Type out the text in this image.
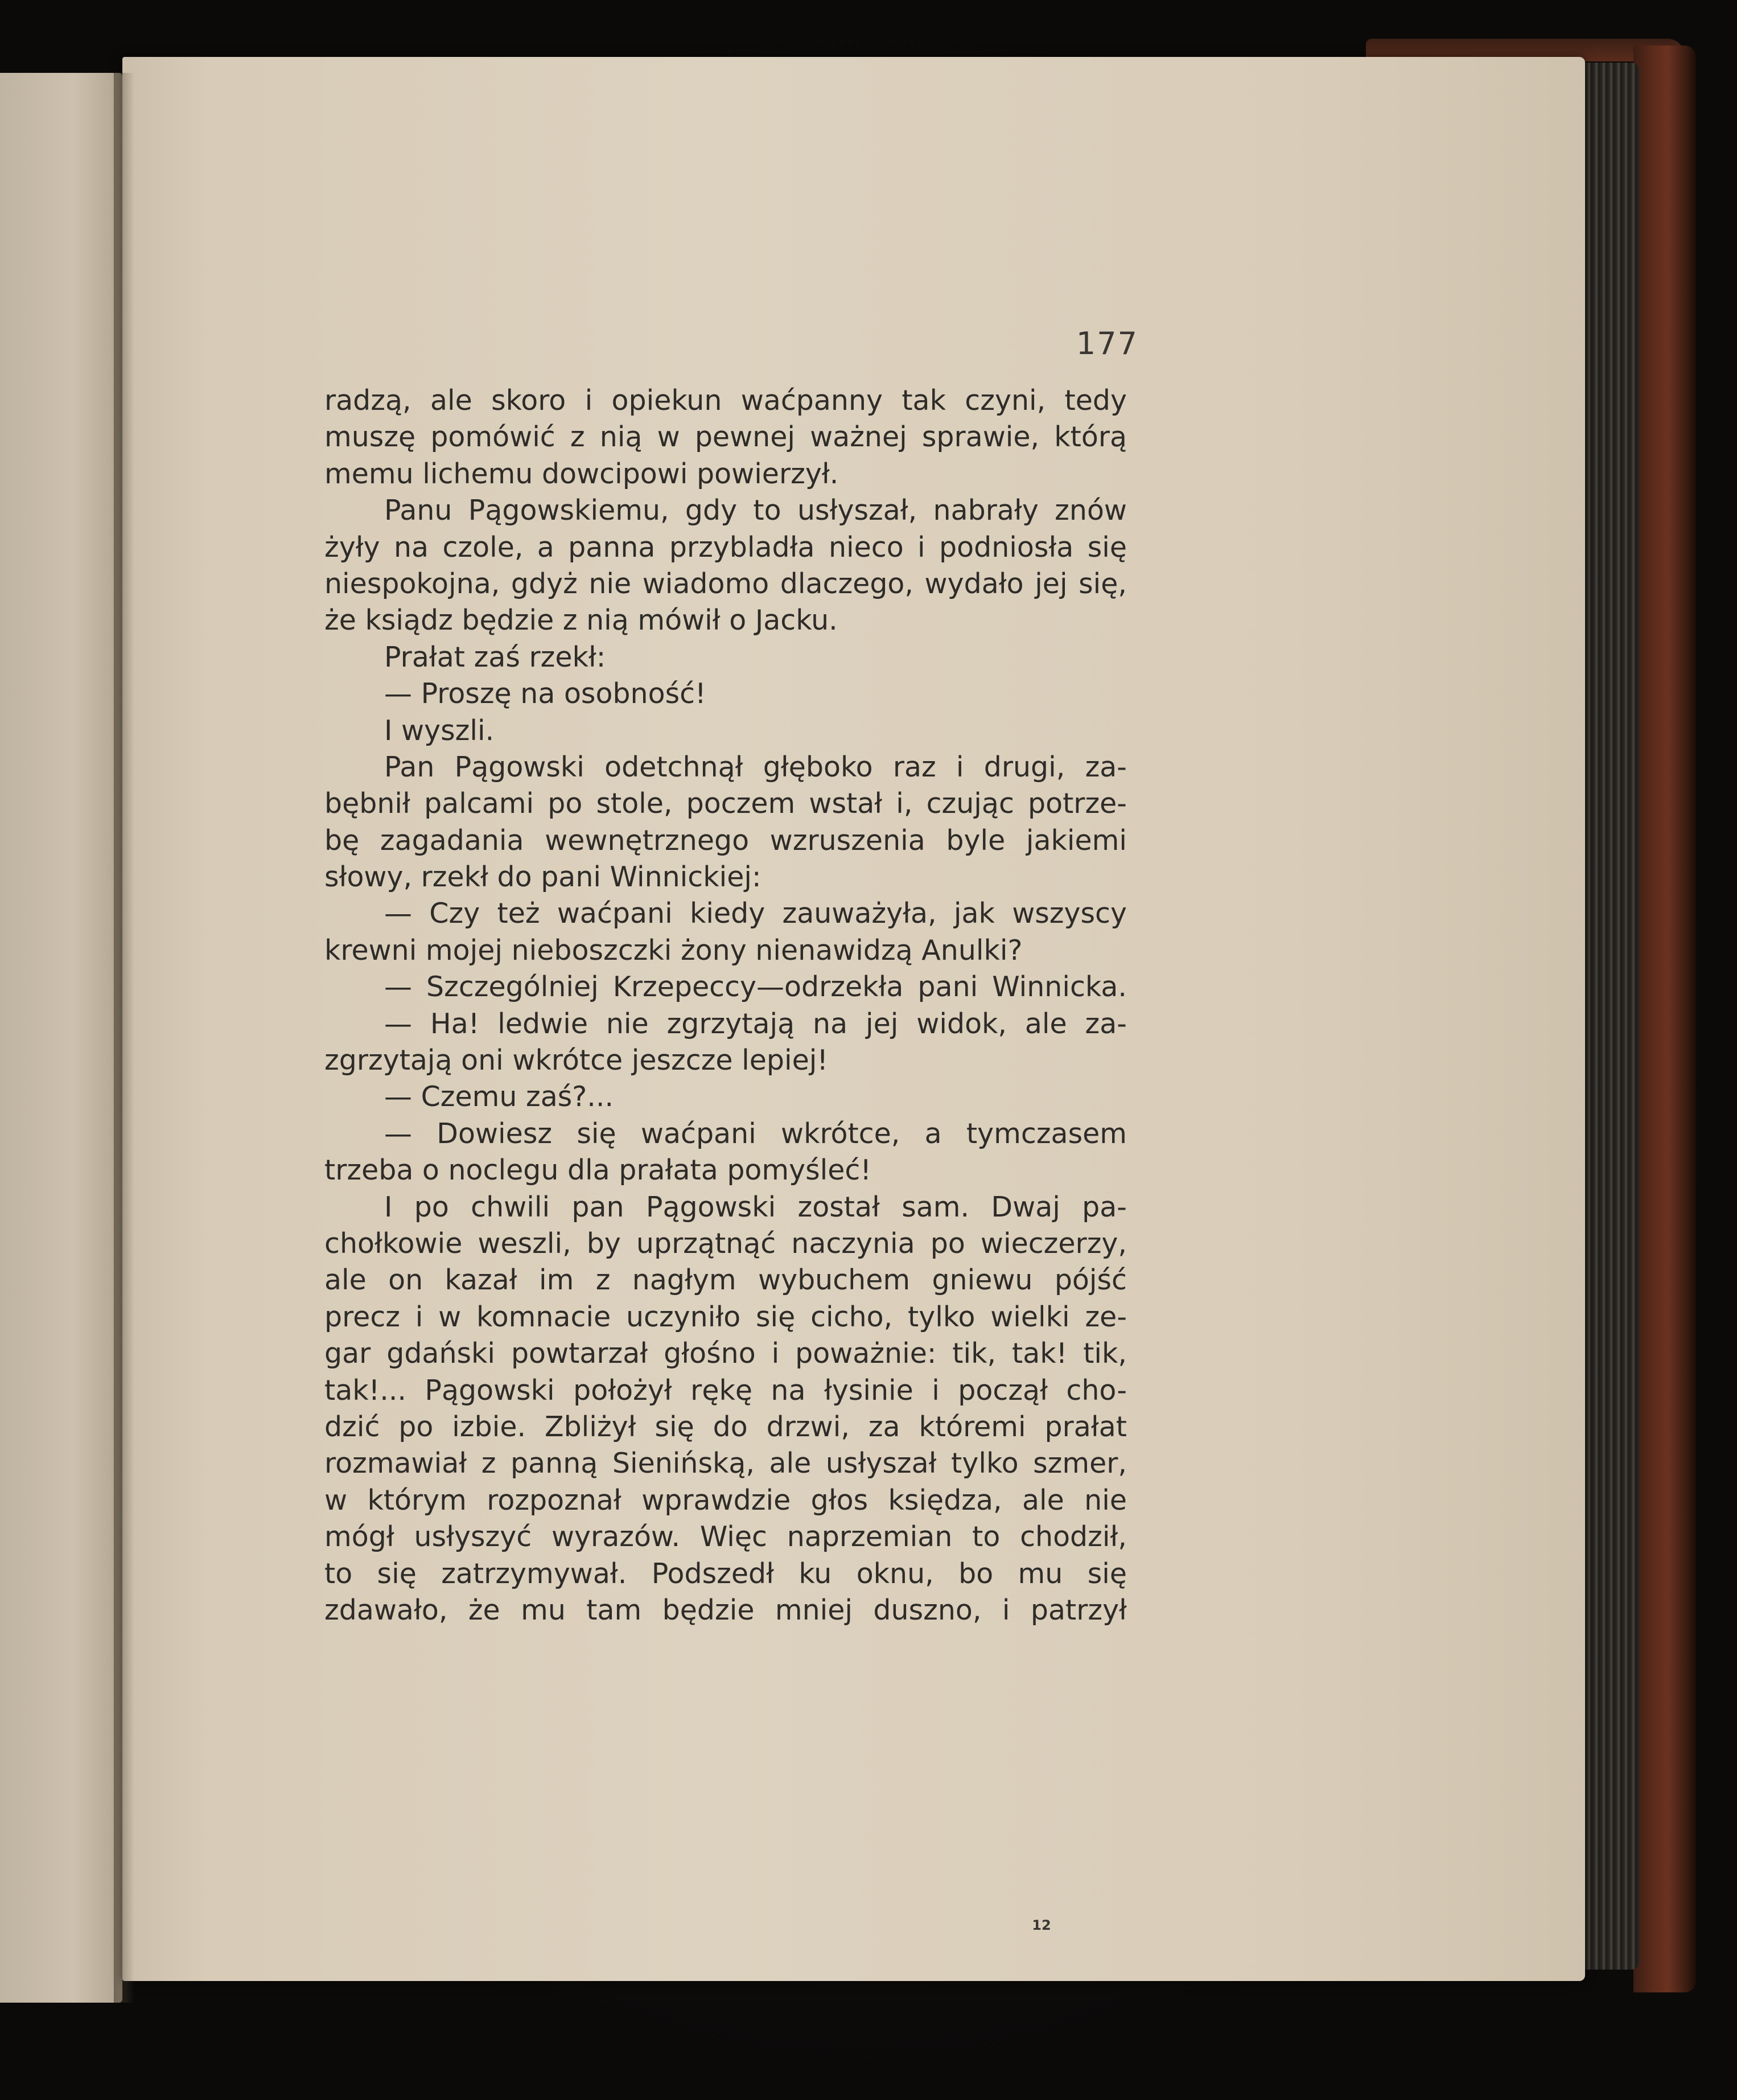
177
radzą, ale skoro i opiekun waćpanny tak czyni, tedy
muszę pomówić z nią w pewnej ważnej sprawie, którą
memu lichemu dowcipowi powierzył.
Panu Pągowskiemu, gdy to usłyszał, nabrały znów
żyły na czole, a panna przybladła nieco i podniosła się
niespokojna, gdyż nie wiadomo dlaczego, wydało jej się,
że ksiądz będzie z nią mówił o Jacku.
Prałat zaś rzekł:
— Proszę na osobność!
I wyszli.
Pan Pągowski odetchnął głęboko raz i drugi, za-
bębnił palcami po stole, poczem wstał i, czując potrze-
bę zagadania wewnętrznego wzruszenia byle jakiemi
słowy, rzekł do pani Winnickiej:
— Czy też waćpani kiedy zauważyła, jak wszyscy
krewni mojej nieboszczki żony nienawidzą Anulki?
— Szczególniej Krzepeccy—odrzekła pani Winnicka.
— Ha! ledwie nie zgrzytają na jej widok, ale za-
zgrzytają oni wkrótce jeszcze lepiej!
— Czemu zaś?...
— Dowiesz się waćpani wkrótce, a tymczasem
trzeba o noclegu dla prałata pomyśleć!
I po chwili pan Pągowski został sam. Dwaj pa-
chołkowie weszli, by uprzątnąć naczynia po wieczerzy,
ale on kazał im z nagłym wybuchem gniewu pójść
precz i w komnacie uczyniło się cicho, tylko wielki ze-
gar gdański powtarzał głośno i poważnie: tik, tak! tik,
tak!... Pągowski położył rękę na łysinie i począł cho-
dzić po izbie. Zbliżył się do drzwi, za któremi prałat
rozmawiał z panną Sienińską, ale usłyszał tylko szmer,
w którym rozpoznał wprawdzie głos księdza, ale nie
mógł usłyszyć wyrazów. Więc naprzemian to chodził,
to się zatrzymywał. Podszedł ku oknu, bo mu się
zdawało, że mu tam będzie mniej duszno, i patrzył
12
